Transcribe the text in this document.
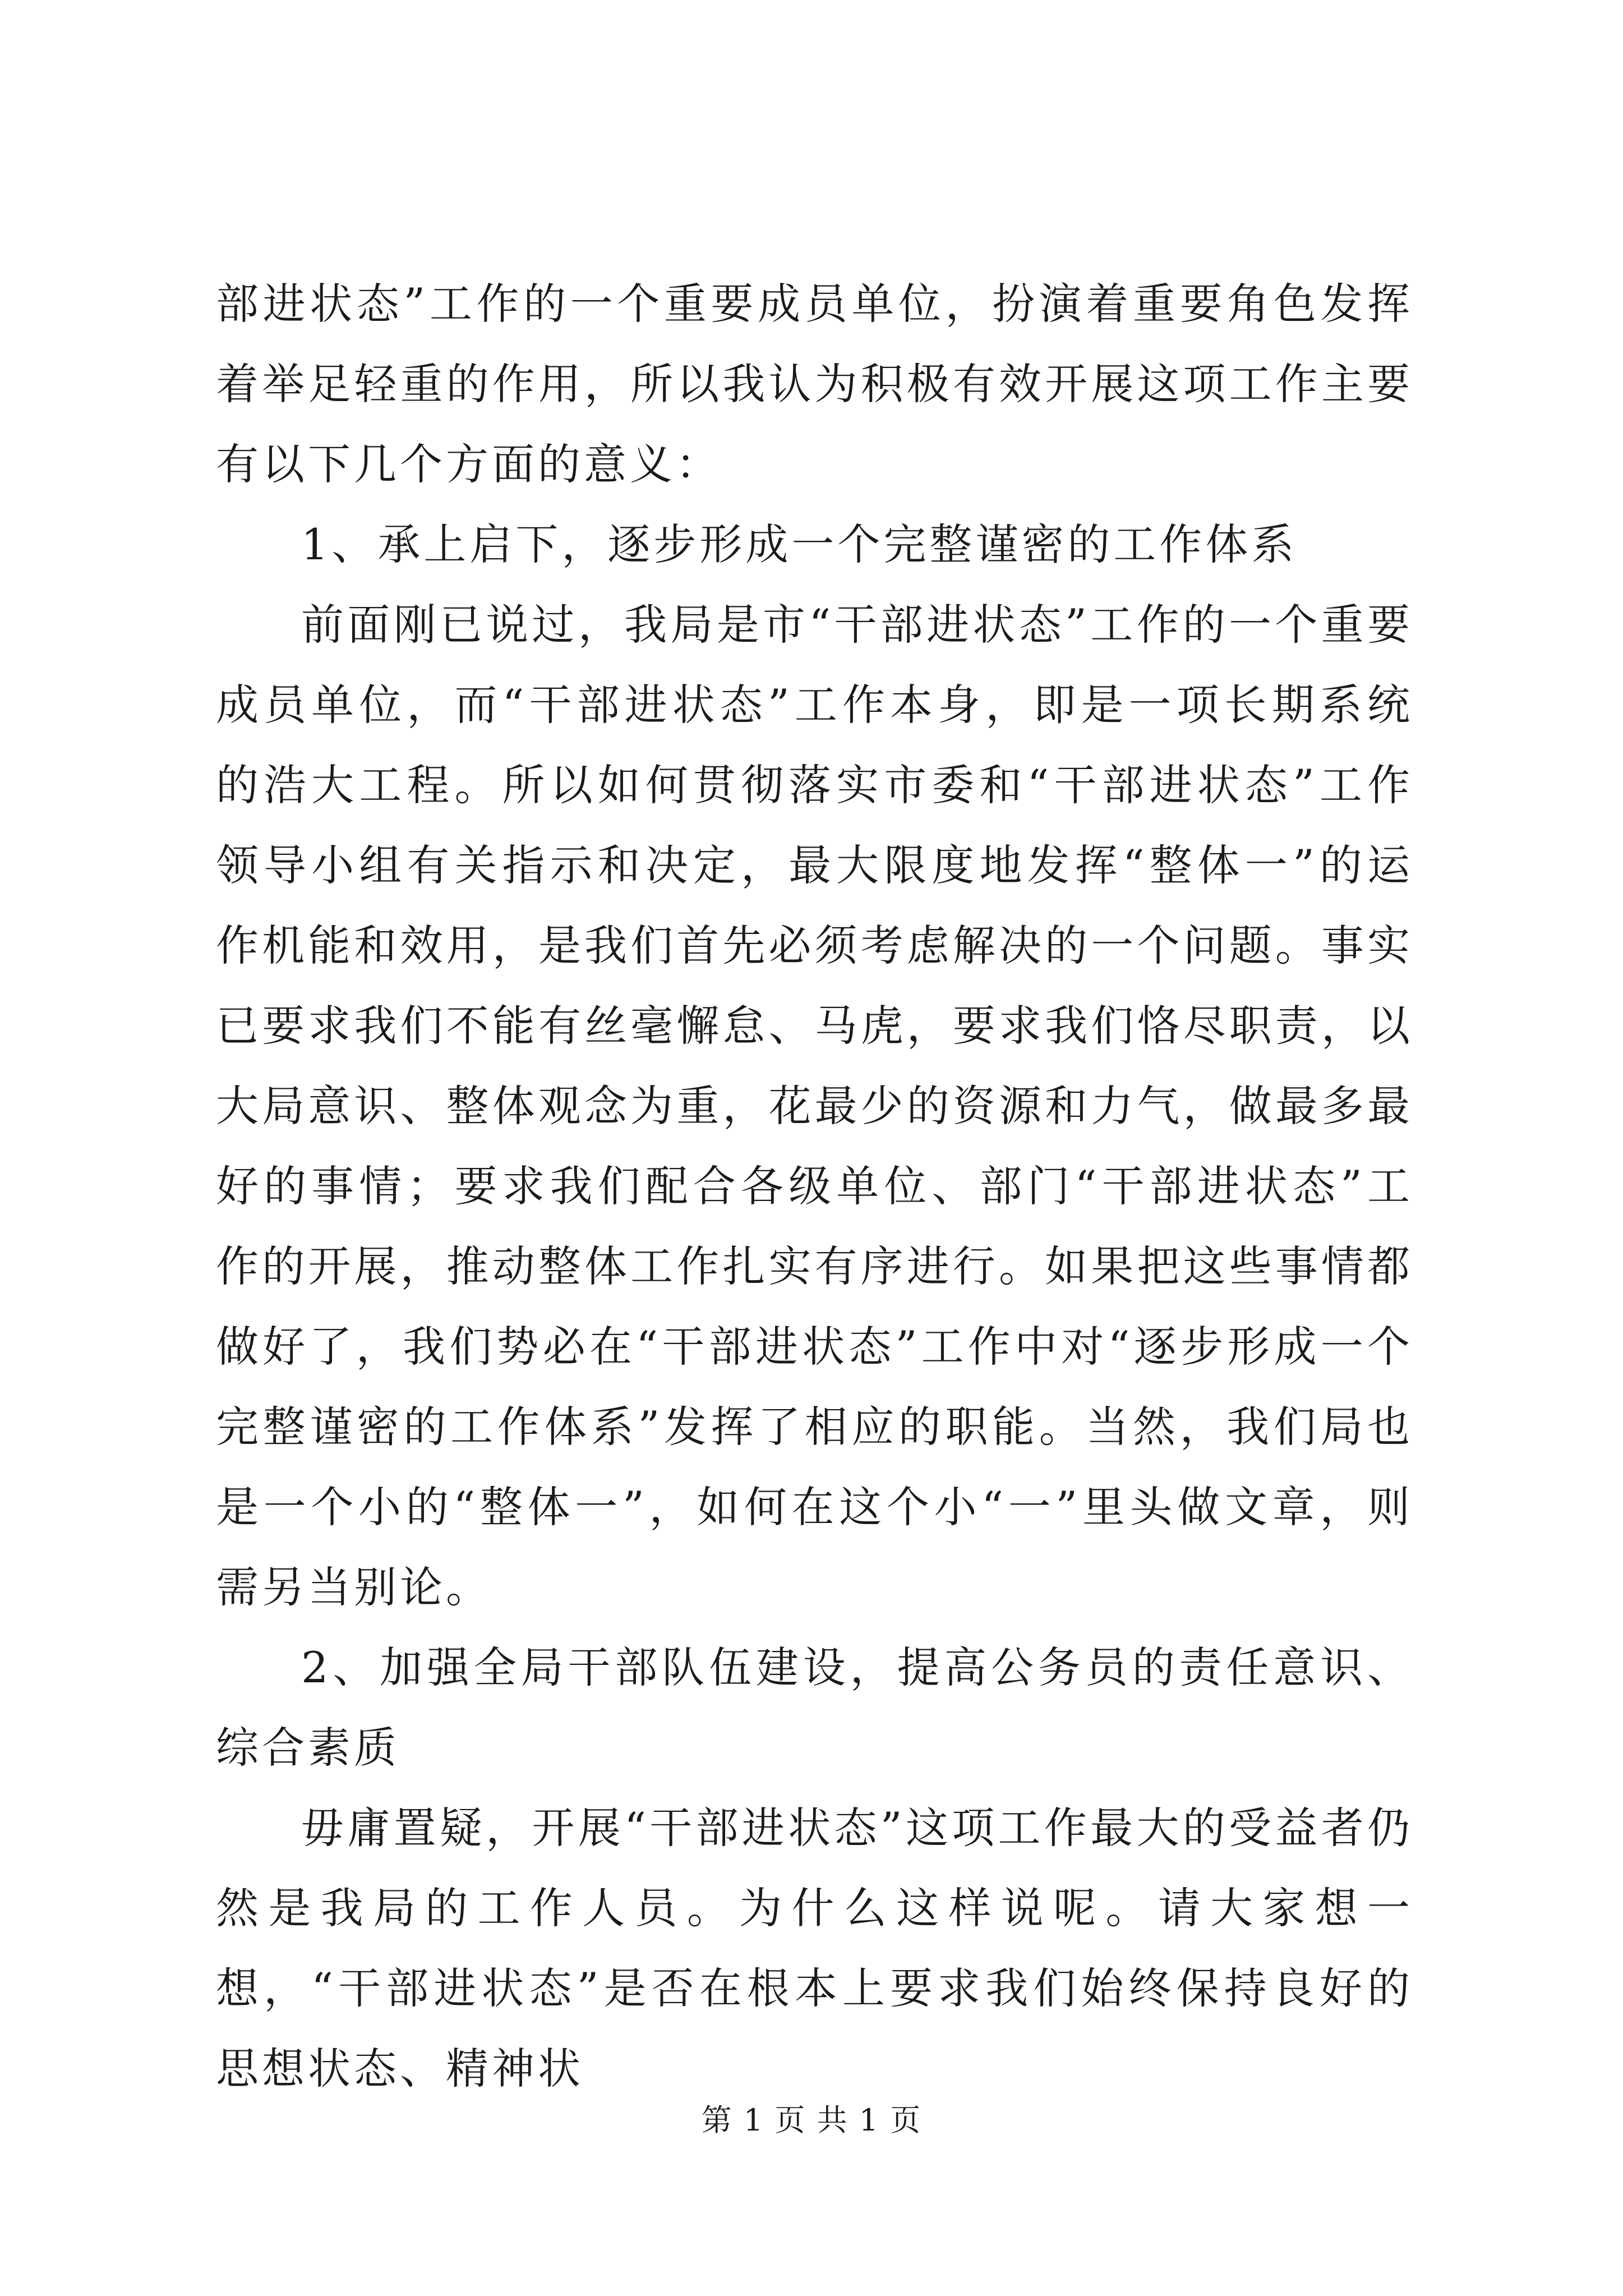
部进状态”工作的一个重要成员单位，扮演着重要角色发挥着举足轻重的作用，所以我认为积极有效开展这项工作主要有以下几个方面的意义：

1、承上启下，逐步形成一个完整谨密的工作体系

前面刚已说过，我局是市“干部进状态”工作的一个重要成员单位，而“干部进状态”工作本身，即是一项长期系统的浩大工程。所以如何贯彻落实市委和“干部进状态”工作领导小组有关指示和决定，最大限度地发挥“整体一”的运作机能和效用，是我们首先必须考虑解决的一个问题。事实已要求我们不能有丝毫懈怠、马虎，要求我们恪尽职责，以大局意识、整体观念为重，花最少的资源和力气，做最多最好的事情；要求我们配合各级单位、部门“干部进状态”工作的开展，推动整体工作扎实有序进行。如果把这些事情都做好了，我们势必在“干部进状态”工作中对“逐步形成一个完整谨密的工作体系”发挥了相应的职能。当然，我们局也是一个小的“整体一”，如何在这个小“一”里头做文章，则需另当别论。

2、加强全局干部队伍建设，提高公务员的责任意识、综合素质

毋庸置疑，开展“干部进状态”这项工作最大的受益者仍然是我局的工作人员。为什么这样说呢。请大家想一想，“干部进状态”是否在根本上要求我们始终保持良好的思想状态、精神状

第 1 页 共 1 页
